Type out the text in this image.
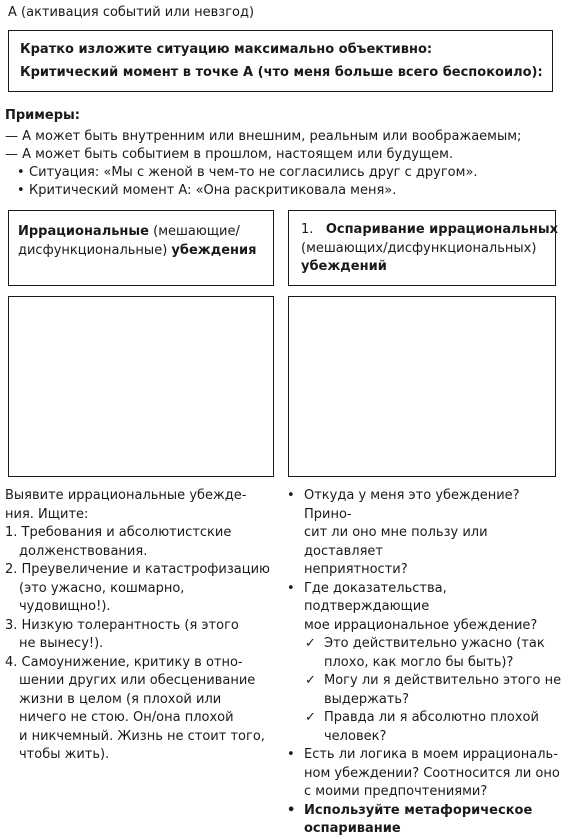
A (активация событий или невзгод)
Кратко изложите ситуацию максимально объективно:
Критический момент в точке A (что меня больше всего беспокоило):
Примеры:
— A может быть внутренним или внешним, реальным или воображаемым;
— A может быть событием в прошлом, настоящем или будущем.
• Ситуация: «Мы с женой в чем-то не согласились друг с другом».
• Критический момент A: «Она раскритиковала меня».
Иррациональные (мешающие/
дисфункциональные) убеждения
1. Оспаривание иррациональных
(мешающих/дисфункциональных)
убеждений
Выявите иррациональные убежде-
ния. Ищите:
1. Требования и абсолютистские
долженствования.
2. Преувеличение и катастрофизацию
(это ужасно, кошмарно,
чудовищно!).
3. Низкую толерантность (я этого
не вынесу!).
4. Самоунижение, критику в отно-
шении других или обесценивание
жизни в целом (я плохой или
ничего не стою. Он/она плохой
и никчемный. Жизнь не стоит того,
чтобы жить).
• Откуда у меня это убеждение? Прино-
сит ли оно мне пользу или доставляет
неприятности?
• Где доказательства, подтверждающие
мое иррациональное убеждение?
✓ Это действительно ужасно (так
плохо, как могло бы быть)?
✓ Могу ли я действительно этого не
выдержать?
✓ Правда ли я абсолютно плохой
человек?
• Есть ли логика в моем иррациональ-
ном убеждении? Соотносится ли оно
с моими предпочтениями?
• Используйте метафорическое
оспаривание
